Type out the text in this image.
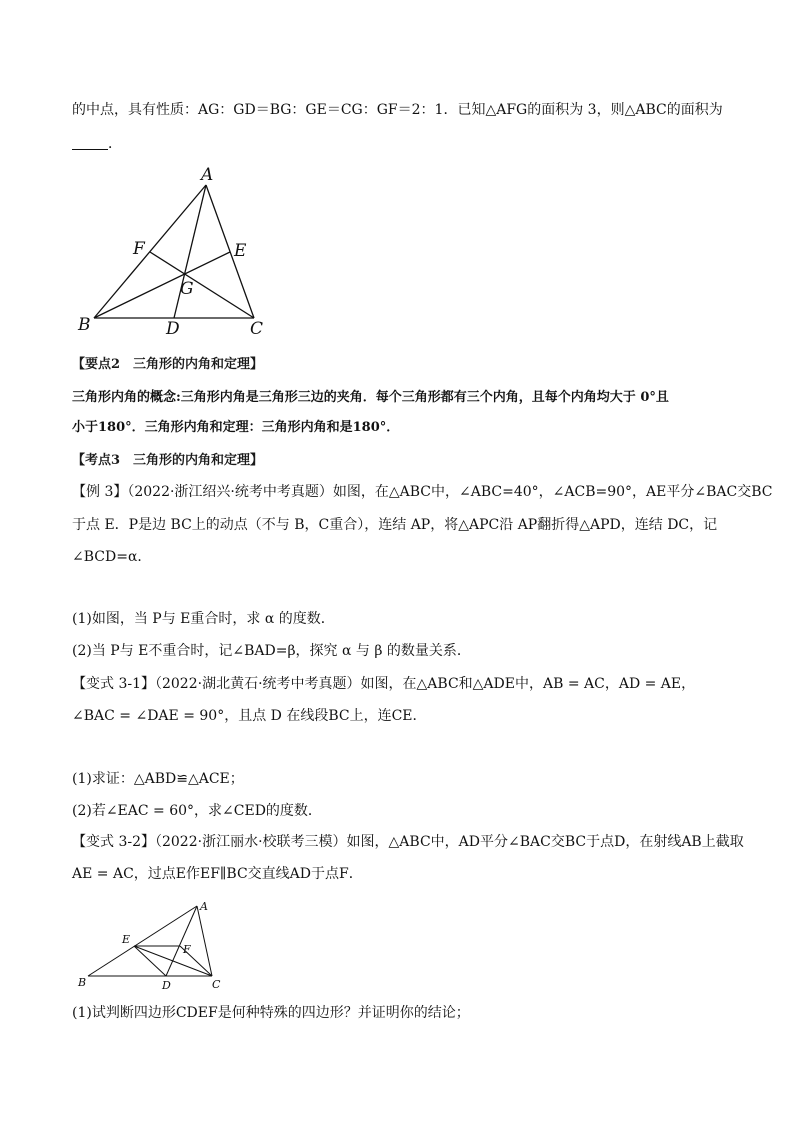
的中点，具有性质：AG：GD＝BG：GE＝CG：GF＝2：1．已知△AFG的面积为 3，则△ABC的面积为
．
A
B	C
D
E
F
G
【要点2　三角形的内角和定理】
三角形内角的概念:三角形内角是三角形三边的夹角．每个三角形都有三个内角，且每个内角均大于 0°且
小于180°．三角形内角和定理：三角形内角和是180°．
【考点3　三角形的内角和定理】
【例 3】（2022·浙江绍兴·统考中考真题）如图，在△ABC中，∠ABC=40°，∠ACB=90°，AE平分∠BAC交BC
于点 E．P是边 BC上的动点（不与 B，C重合），连结 AP，将△APC沿 AP翻折得△APD，连结 DC，记
∠BCD=α．
(1)如图，当 P与 E重合时，求 α 的度数．
(2)当 P与 E不重合时，记∠BAD=β，探究 α 与 β 的数量关系．
【变式 3-1】（2022·湖北黄石·统考中考真题）如图，在△ABC和△ADE中，AB = AC，AD = AE，
∠BAC = ∠DAE = 90°，且点 D 在线段BC上，连CE．
(1)求证：△ABD≌△ACE；
(2)若∠EAC = 60°，求∠CED的度数．
【变式 3-2】（2022·浙江丽水·校联考三模）如图，△ABC中，AD平分∠BAC交BC于点D，在射线AB上截取
AE = AC，过点E作EF∥BC交直线AD于点F．
A
B	C
D
E
F
(1)试判断四边形CDEF是何种特殊的四边形？并证明你的结论；
